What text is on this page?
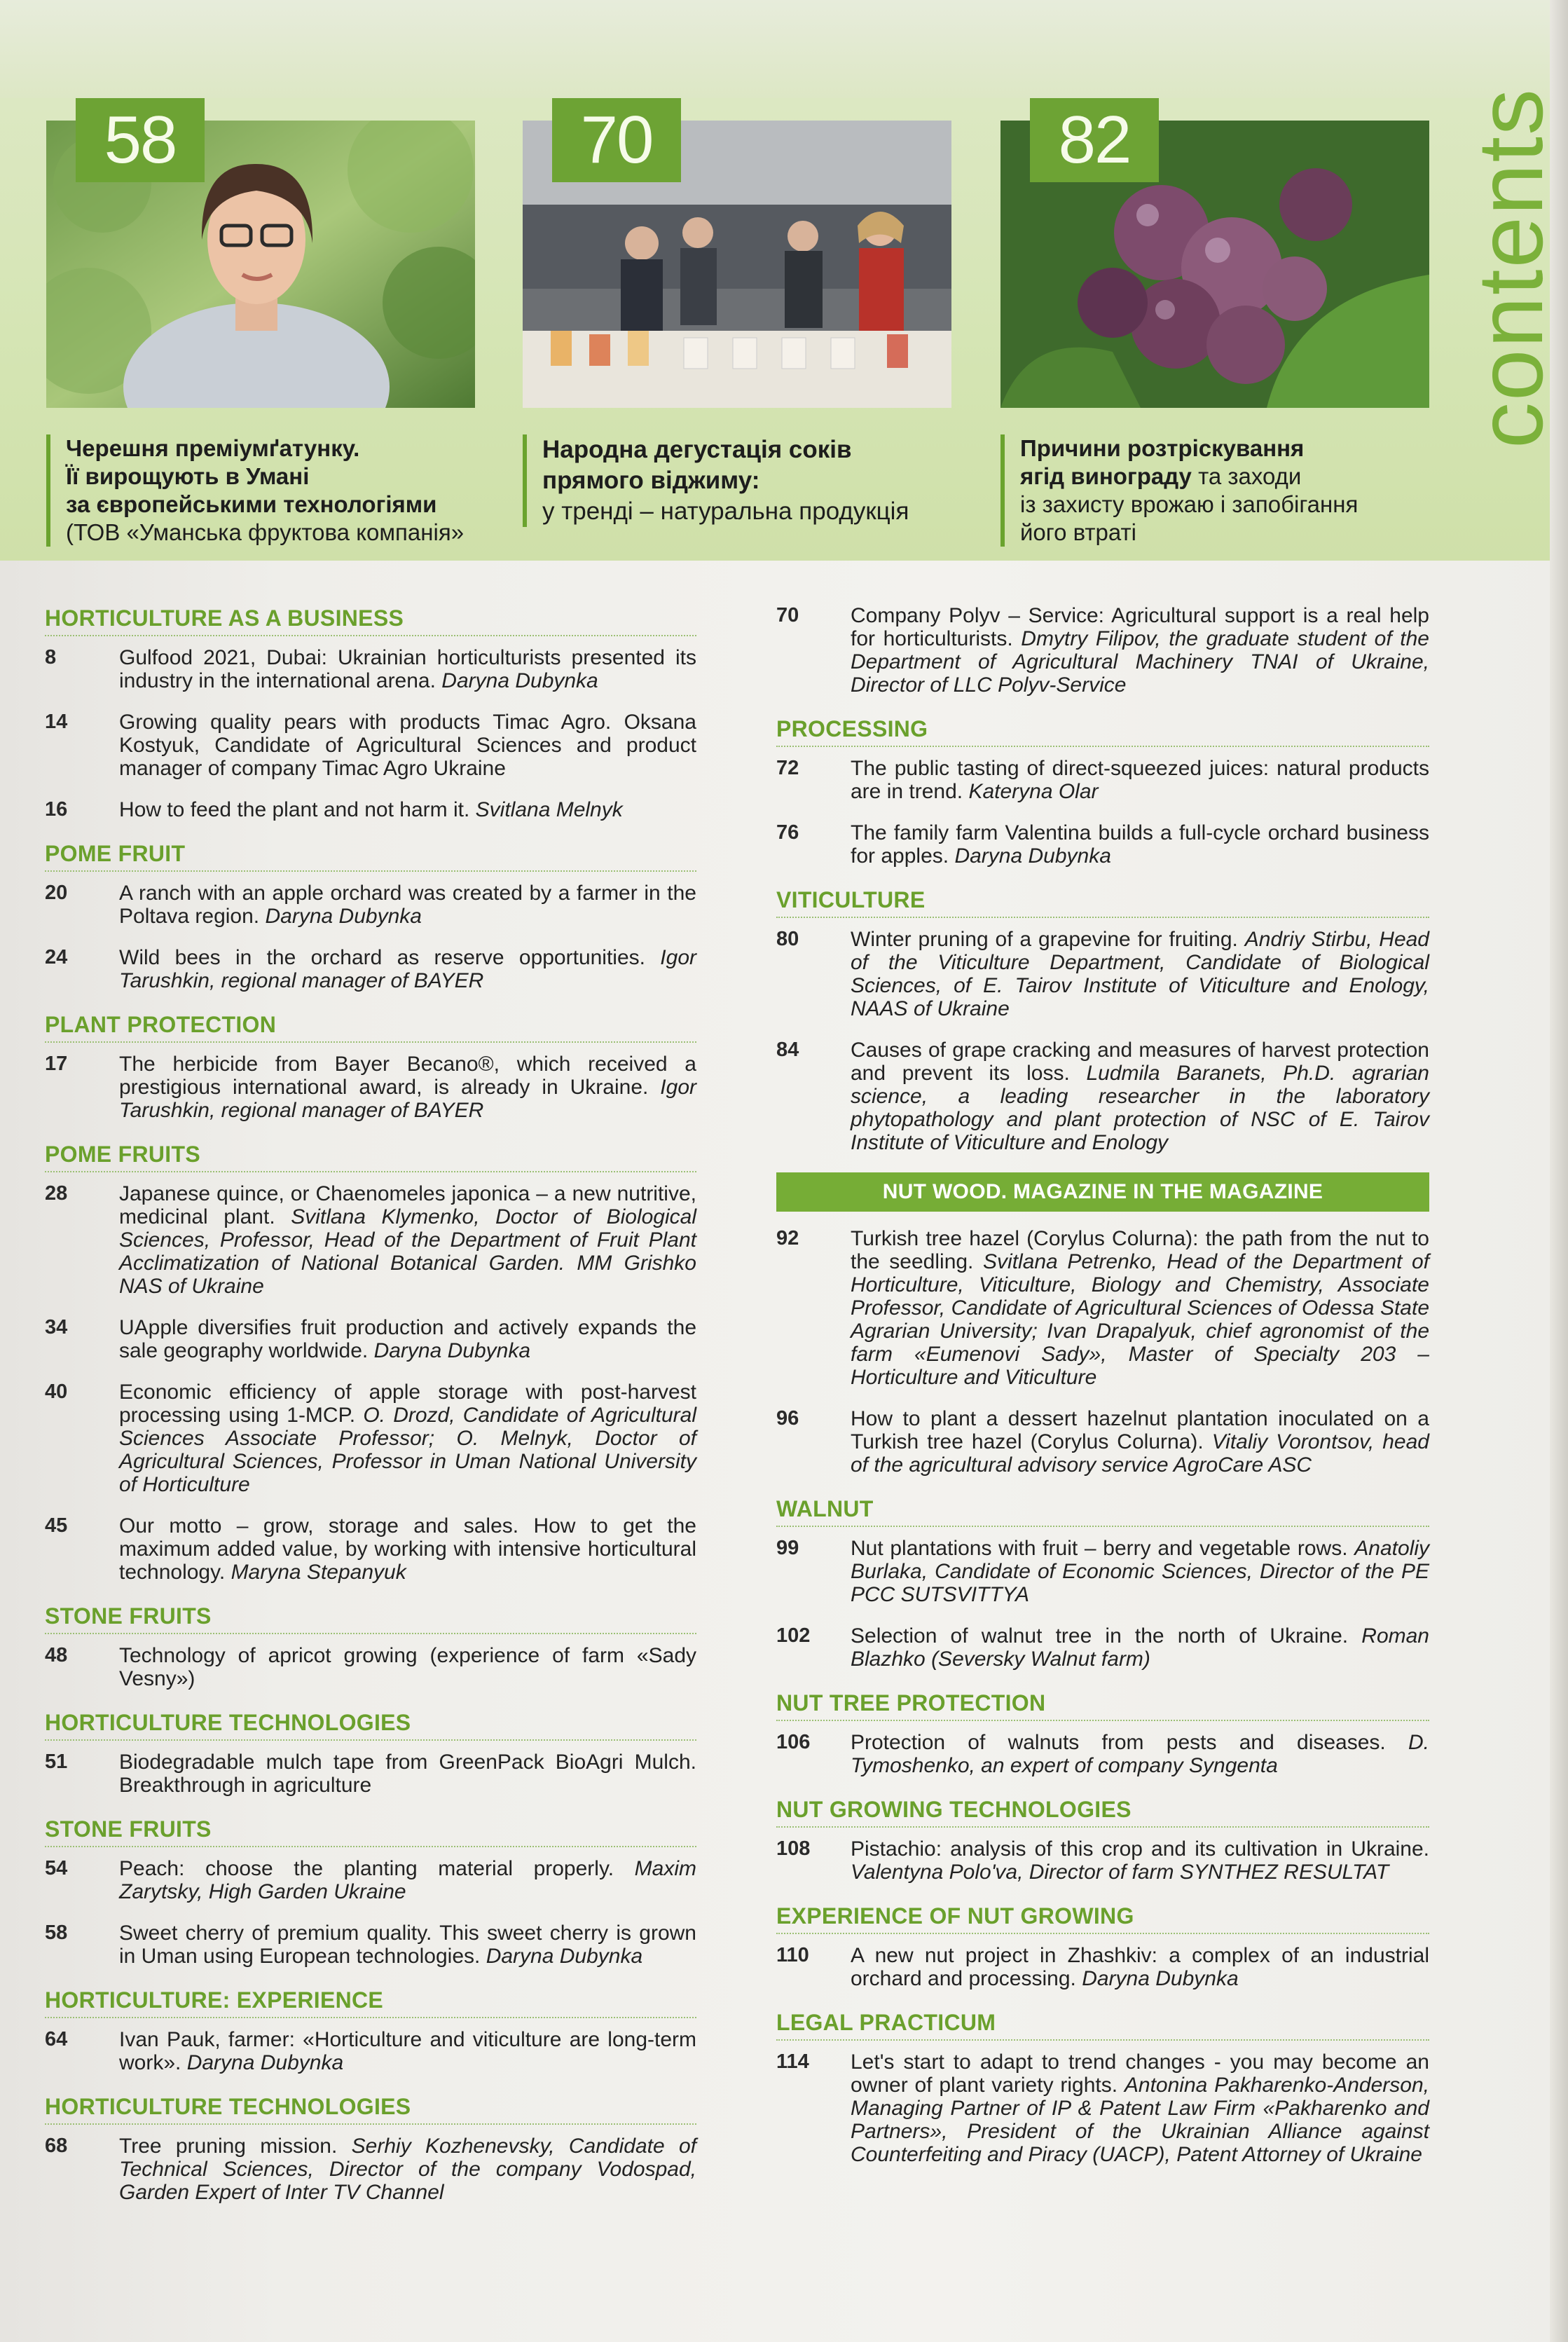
58
Черешня преміумґатунку.
Її вирощують в Умані
за європейськими технологіями
(ТОВ «Уманська фруктова компанія»
70
Народна дегустація соків
прямого віджиму:
у тренді – натуральна продукція
82
Причини розтріскування
ягід винограду та заходи
із захисту врожаю і запобігання
його втраті
contents
HORTICULTURE AS A BUSINESS
8	Gulfood 2021, Dubai: Ukrainian horticulturists presented its industry in the international arena. Daryna Dubynka
14	Growing quality pears with products Timac Agro. Oksana Kostyuk, Candidate of Agricultural Sciences and product manager of company Timac Agro Ukraine
16	How to feed the plant and not harm it. Svitlana Melnyk
POME FRUIT
20	A ranch with an apple orchard was created by a farmer in the Poltava region. Daryna Dubynka
24	Wild bees in the orchard as reserve opportunities. Igor Tarushkin, regional manager of BAYER
PLANT PROTECTION
17	The herbicide from Bayer Becano®, which received a prestigious international award, is already in Ukraine. Igor Tarushkin, regional manager of BAYER
POME FRUITS
28	Japanese quince, or Chaenomeles japonica – a new nutritive, medicinal plant. Svitlana Klymenko, Doctor of Biological Sciences, Professor, Head of the Department of Fruit Plant Acclimatization of National Botanical Garden. MM Grishko NAS of Ukraine
34	UApple diversifies fruit production and actively expands the sale geography worldwide. Daryna Dubynka
40	Economic efficiency of apple storage with post-harvest processing using 1-MCP. O. Drozd, Candidate of Agricultural Sciences Associate Professor; O. Melnyk, Doctor of Agricultural Sciences, Professor in Uman National University of Horticulture
45	Our motto – grow, storage and sales. How to get the maximum added value, by working with intensive horticultural technology. Maryna Stepanyuk
STONE FRUITS
48	Technology of apricot growing (experience of farm «Sady Vesny»)
HORTICULTURE TECHNOLOGIES
51	Biodegradable mulch tape from GreenPack BioAgri Mulch. Breakthrough in agriculture
STONE FRUITS
54	Peach: choose the planting material properly. Maxim Zarytsky, High Garden Ukraine
58	Sweet cherry of premium quality. This sweet cherry is grown in Uman using European technologies. Daryna Dubynka
HORTICULTURE: EXPERIENCE
64	Ivan Pauk, farmer: «Horticulture and viticulture are long-term work». Daryna Dubynka
HORTICULTURE TECHNOLOGIES
68	Tree pruning mission. Serhiy Kozhenevsky, Candidate of Technical Sciences, Director of the company Vodospad, Garden Expert of Inter TV Channel
70	Company Polyv – Service: Agricultural support is a real help for horticulturists. Dmytry Filipov, the graduate student of the Department of Agricultural Machinery TNAI of Ukraine, Director of LLC Polyv-Service
PROCESSING
72	The public tasting of direct-squeezed juices: natural products are in trend. Kateryna Olar
76	The family farm Valentina builds a full-cycle orchard business for apples. Daryna Dubynka
VITICULTURE
80	Winter pruning of a grapevine for fruiting. Andriy Stirbu, Head of the Viticulture Department, Candidate of Biological Sciences, of E. Tairov Institute of Viticulture and Enology, NAAS of Ukraine
84	Causes of grape cracking and measures of harvest protection and prevent its loss. Ludmila Baranets, Ph.D. agrarian science, a leading researcher in the laboratory phytopathology and plant protection of NSC of E. Tairov Institute of Viticulture and Enology
NUT WOOD. MAGAZINE IN THE MAGAZINE
92	Turkish tree hazel (Corylus Colurna): the path from the nut to the seedling. Svitlana Petrenko, Head of the Department of Horticulture, Viticulture, Biology and Chemistry, Associate Professor, Candidate of Agricultural Sciences of Odessa State Agrarian University; Ivan Drapalyuk, chief agronomist of the farm «Eumenovi Sady», Master of Specialty 203 – Horticulture and Viticulture
96	How to plant a dessert hazelnut plantation inoculated on a Turkish tree hazel (Corylus Colurna). Vitaliy Vorontsov, head of the agricultural advisory service AgroCare ASC
WALNUT
99	Nut plantations with fruit – berry and vegetable rows. Anatoliy Burlaka, Candidate of Economic Sciences, Director of the PE PCC SUTSVITTYA
102	Selection of walnut tree in the north of Ukraine. Roman Blazhko (Seversky Walnut farm)
NUT TREE PROTECTION
106	Protection of walnuts from pests and diseases. D. Tymoshenko, an expert of company Syngenta
NUT GROWING TECHNOLOGIES
108	Pistachio: analysis of this crop and its cultivation in Ukraine. Valentyna Polo'va, Director of farm SYNTHEZ RESULTAT
EXPERIENCE OF NUT GROWING
110	A new nut project in Zhashkiv: a complex of an industrial orchard and processing. Daryna Dubynka
LEGAL PRACTICUM
114	Let's start to adapt to trend changes - you may become an owner of plant variety rights. Antonina Pakharenko-Anderson, Managing Partner of IP & Patent Law Firm «Pakharenko and Partners», President of the Ukrainian Alliance against Counterfeiting and Piracy (UACP), Patent Attorney of Ukraine
